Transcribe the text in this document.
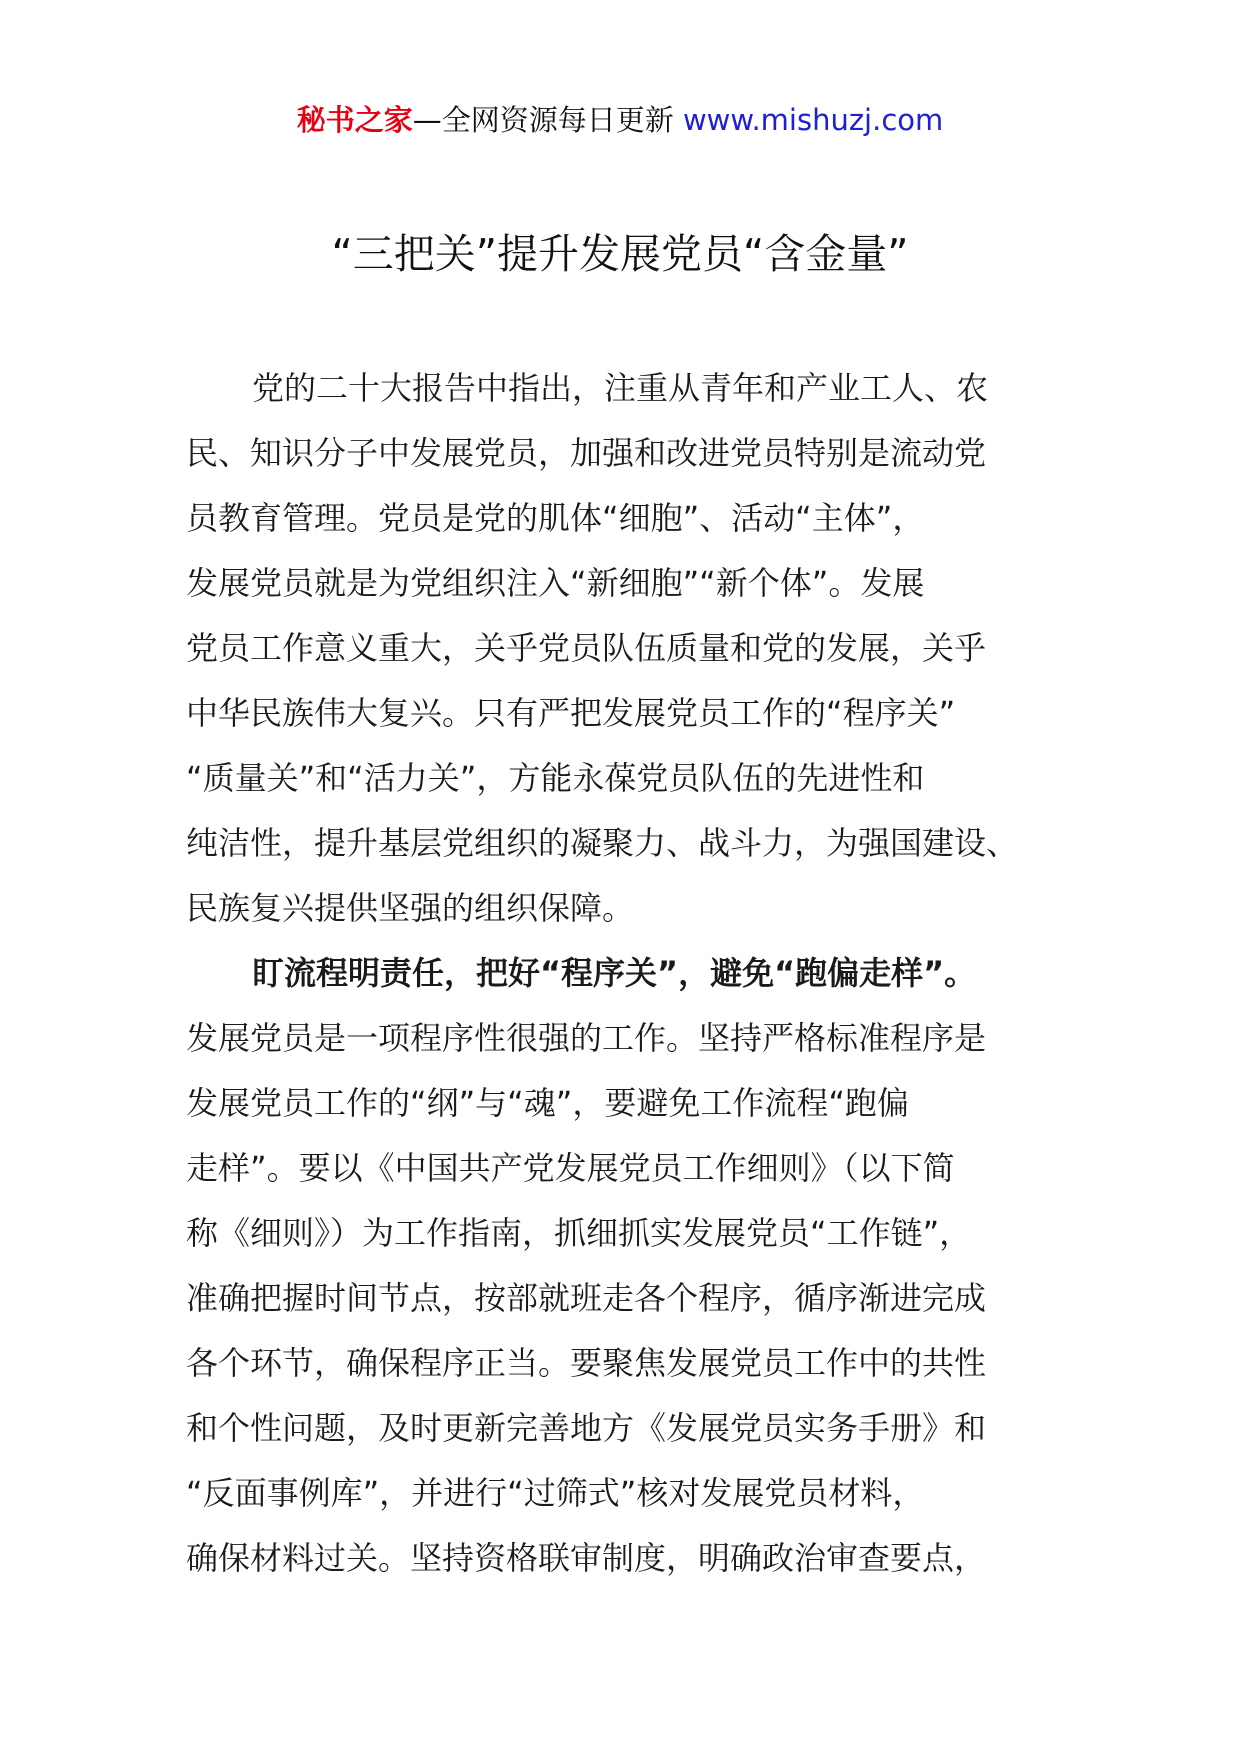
秘书之家—全网资源每日更新 www.mishuzj.com
“三把关”提升发展党员“含金量”
党的二十大报告中指出，注重从青年和产业工人、农
民、知识分子中发展党员，加强和改进党员特别是流动党
员教育管理。党员是党的肌体“细胞”、活动“主体”，
发展党员就是为党组织注入“新细胞”“新个体”。发展
党员工作意义重大，关乎党员队伍质量和党的发展，关乎
中华民族伟大复兴。只有严把发展党员工作的“程序关”
“质量关”和“活力关”，方能永葆党员队伍的先进性和
纯洁性，提升基层党组织的凝聚力、战斗力，为强国建设、
民族复兴提供坚强的组织保障。
盯流程明责任，把好“程序关”，避免“跑偏走样”。
发展党员是一项程序性很强的工作。坚持严格标准程序是
发展党员工作的“纲”与“魂”，要避免工作流程“跑偏
走样”。要以《中国共产党发展党员工作细则》（以下简
称《细则》）为工作指南，抓细抓实发展党员“工作链”，
准确把握时间节点，按部就班走各个程序，循序渐进完成
各个环节，确保程序正当。要聚焦发展党员工作中的共性
和个性问题，及时更新完善地方《发展党员实务手册》和
“反面事例库”，并进行“过筛式”核对发展党员材料，
确保材料过关。坚持资格联审制度，明确政治审查要点，
